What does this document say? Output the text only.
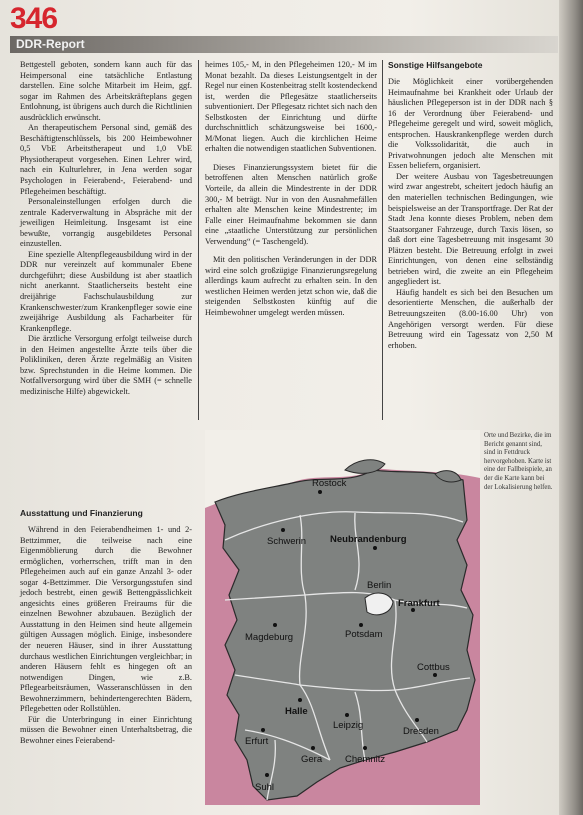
346
DDR-Report

Bettgestell geboten, sondern kann auch für das Heimpersonal eine tatsächliche Entlastung darstellen. Eine solche Mitarbeit im Heim, ggf. sogar im Rahmen des Arbeitskräfteplans gegen Entlohnung, ist übrigens auch durch die Richtlinien ausdrücklich erwünscht.

An therapeutischem Personal sind, gemäß des Beschäftigtenschlüssels, bis 200 Heimbewohner 0,5 VbE Arbeitstherapeut und 1,0 VbE Physiotherapeut vorgesehen. Einen Lehrer wird, nach ein Kulturlehrer, in Jena werden sogar Psychologen in Feierabend-, Feierabend- und Pflegeheimen beschäftigt.

Personaleinstellungen erfolgen durch die zentrale Kaderverwaltung in Abspräche mit der jeweiligen Heimleitung. Insgesamt ist eine bewußte, vorrangig ausgebildetes Personal einzustellen.

Eine spezielle Altenpflegeausbildung wird in der DDR nur vereinzelt auf kommunaler Ebene durchgeführt; diese Ausbildung ist aber staatlich nicht anerkannt. Staatlicherseits besteht eine dreijährige Fachschulausbildung zur Krankenschwester/zum Krankenpfleger sowie eine zweijährige Ausbildung als Facharbeiter für Krankenpflege.

Die ärztliche Versorgung erfolgt teilweise durch in den Heimen angestellte Ärzte teils über die Polikliniken, deren Ärzte regelmäßig an Visiten bzw. Sprechstunden in die Heime kommen. Die Notfallversorgung wird über die SMH (= schnelle medizinische Hilfe) abgewickelt.

Ausstattung und Finanzierung

Während in den Feierabendheimen 1- und 2-Bettzimmer, die teilweise nach eine Eigenmöblierung durch die Bewohner ermöglichen, vorherrschen, trifft man in den Pflegeheimen auch auf ein ganze Anzahl 3- oder sogar 4-Bettzimmer. Die Versorgungsstufen sind jedoch bestrebt, einen gewiß Bettengpässlichkeit angesichts eines größeren Freiraums für die einzelnen Bewohner abzubauen. Bezüglich der Ausstattung in den Heimen sind heute allgemein gültigen Aussagen möglich. Einige, insbesondere der neueren Häuser, sind in ihrer Ausstattung durchaus westlichen Einrichtungen vergleichbar; in anderen Häusern fehlt es hingegen oft an notwendigen Dingen, wie z.B. Pflegearbeitsräumen, Wasseranschlüssen in den Bewohnerzimmern, behindertengerechten Bädern, Pflegebetten oder Rollstühlen.

Für die Unterbringung in einer Einrichtung müssen die Bewohner einen Unterhaltsbetrag, die Bewohner eines Feierabend-

heimes 105,- M, in den Pflegeheimen 120,- M im Monat bezahlt. Da dieses Leistungsentgelt in der Regel nur einen Kostenbeitrag stellt kostendeckend ist, werden die Pflegesätze staatlicherseits subventioniert. Der Pflegesatz richtet sich nach den Selbstkosten der Einrichtung und dürfte durchschnittlich schätzungsweise bei 1600,- M/Monat liegen. Auch die kirchlichen Heime erhalten die notwendigen staatlichen Subventionen.

Dieses Finanzierungssystem bietet für die betroffenen alten Menschen natürlich große Vorteile, da allein die Mindestrente in der DDR 300,- M beträgt. Nur in von den Ausnahmefällen erhalten alte Menschen keine Mindestrente; im Falle einer Heimaufnahme bekommen sie dann eine „staatliche Unterstützung zur persönlichen Verwendung“ (= Taschengeld).

Mit den politischen Veränderungen in der DDR wird eine solch großzügige Finanzierungsregelung allerdings kaum aufrecht zu erhalten sein. In den westlichen Heimen werden jetzt schon wie, daß die steigenden Selbstkosten künftig auf die Heimbewohner umgelegt werden müssen.

Sonstige Hilfsangebote

Die Möglichkeit einer vorübergehenden Heimaufnahme bei Krankheit oder Urlaub der häuslichen Pflegeperson ist in der DDR nach § 16 der Verordnung über Feierabend- und Pflegeheime geregelt und wird, soweit möglich, entsprochen. Hauskrankenpflege werden durch die Volkssolidarität, die auch in Privatwohnungen jedoch alte Menschen mit Essen beliefern, organisiert.

Der weitere Ausbau von Tagesbetreuungen wird zwar angestrebt, scheitert jedoch häufig an den materiellen technischen Bedingungen, wie beispielsweise an der Transportfrage. Der Rat der Stadt Jena konnte dieses Problem, neben dem Staatsorganer Fahrzeuge, durch Taxis lösen, so daß dort eine Tagesbetreuung mit insgesamt 30 Plätzen besteht. Die Betreuung erfolgt in zwei Einrichtungen, von denen eine selbständig betrieben wird, die zweite an ein Pflegeheim angegliedert ist.

Häufig handelt es sich bei den Besuchen um desorientierte Menschen, die außerhalb der Betreuungszeiten (8.00-16.00 Uhr) von Angehörigen versorgt werden. Für diese Betreuung wird ein Tagessatz von 2,50 M erhoben.

Rostock
Schwerin	Neubrandenburg
Berlin
Frankfurt
Potsdam
Magdeburg
Cottbus
Halle
Leipzig
Dresden
Erfurt
Gera Chemnitz
Suhl
Orte und Bezirke, die im Bericht genannt sind, sind in Fettdruck hervorgehoben. Karte ist eine der Fallbeispiele, an der die Karte kann bei der Lokalisierung helfen.
